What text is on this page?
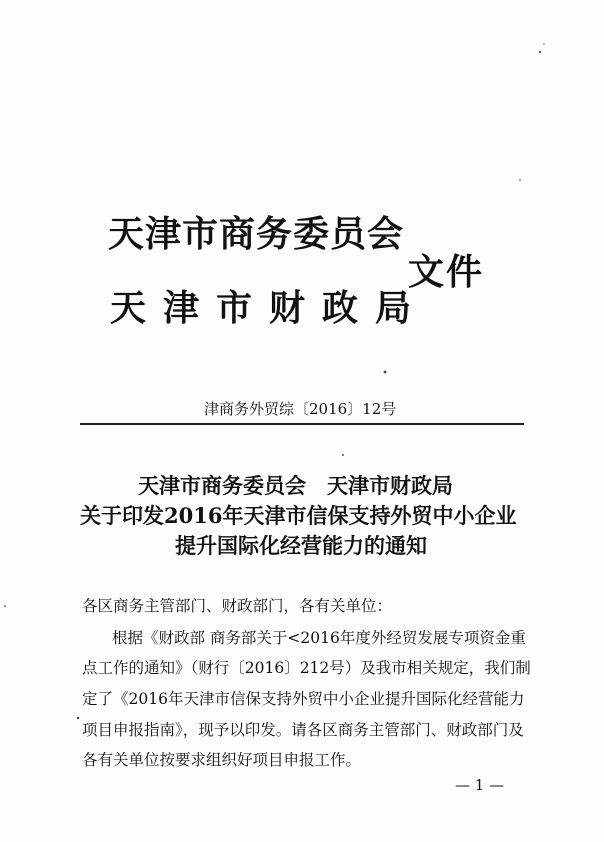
天津市商务委员会
天津市财政局
文件
津商务外贸综〔2016〕12号
天津市商务委员会　天津市财政局
关于印发2016年天津市信保支持外贸中小企业
提升国际化经营能力的通知
各区商务主管部门、财政部门，各有关单位：
根据《财政部 商务部关于<2016年度外经贸发展专项资金重
点工作的通知》（财行〔2016〕212号）及我市相关规定，我们制
定了《2016年天津市信保支持外贸中小企业提升国际化经营能力
项目申报指南》，现予以印发。请各区商务主管部门、财政部门及
各有关单位按要求组织好项目申报工作。
— 1 —
